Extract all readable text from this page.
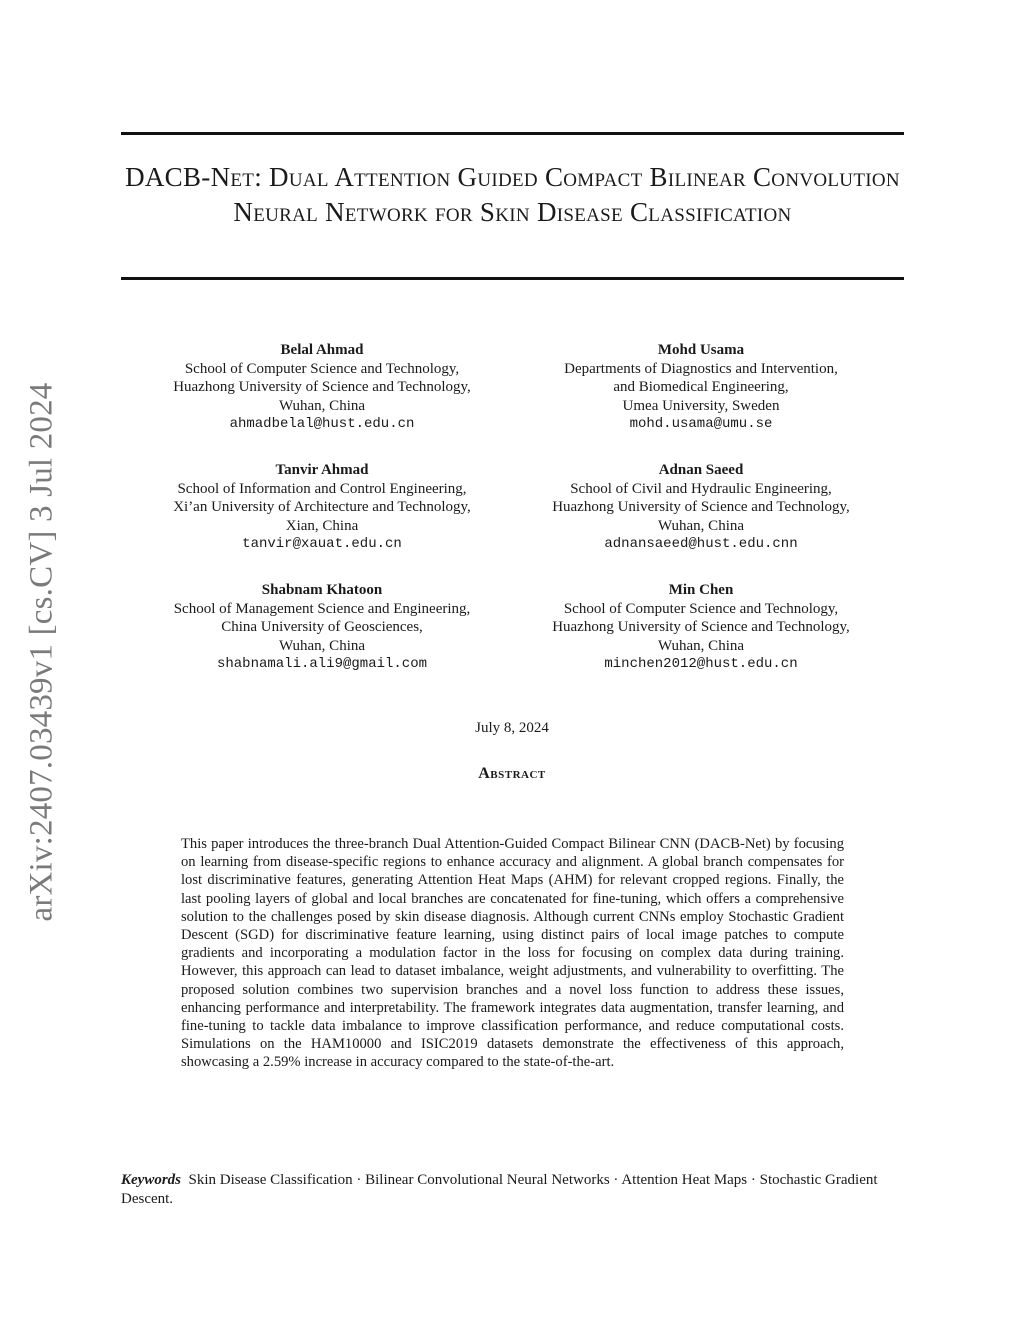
DACB-Net: Dual Attention Guided Compact Bilinear Convolution Neural Network for Skin Disease Classification
arXiv:2407.03439v1 [cs.CV] 3 Jul 2024
Belal Ahmad
School of Computer Science and Technology,
Huazhong University of Science and Technology,
Wuhan, China
ahmadbelal@hust.edu.cn
Mohd Usama
Departments of Diagnostics and Intervention,
and Biomedical Engineering,
Umea University, Sweden
mohd.usama@umu.se
Tanvir Ahmad
School of Information and Control Engineering,
Xi’an University of Architecture and Technology,
Xian, China
tanvir@xauat.edu.cn
Adnan Saeed
School of Civil and Hydraulic Engineering,
Huazhong University of Science and Technology,
Wuhan, China
adnansaeed@hust.edu.cnn
Shabnam Khatoon
School of Management Science and Engineering,
China University of Geosciences,
Wuhan, China
shabnamali.ali9@gmail.com
Min Chen
School of Computer Science and Technology,
Huazhong University of Science and Technology,
Wuhan, China
minchen2012@hust.edu.cn
July 8, 2024
Abstract

This paper introduces the three-branch Dual Attention-Guided Compact Bilinear CNN (DACB-Net) by focusing on learning from disease-specific regions to enhance accuracy and alignment. A global branch compensates for lost discriminative features, generating Attention Heat Maps (AHM) for relevant cropped regions. Finally, the last pooling layers of global and local branches are concatenated for fine-tuning, which offers a comprehensive solution to the challenges posed by skin disease diagnosis. Although current CNNs employ Stochastic Gradient Descent (SGD) for discriminative feature learning, using distinct pairs of local image patches to compute gradients and incorporating a modulation factor in the loss for focusing on complex data during training. However, this approach can lead to dataset imbalance, weight adjustments, and vulnerability to overfitting. The proposed solution combines two supervision branches and a novel loss function to address these issues, enhancing performance and interpretability. The framework integrates data augmentation, transfer learning, and fine-tuning to tackle data imbalance to improve classification performance, and reduce computational costs. Simulations on the HAM10000 and ISIC2019 datasets demonstrate the effectiveness of this approach, showcasing a 2.59% increase in accuracy compared to the state-of-the-art.

Keywords Skin Disease Classification · Bilinear Convolutional Neural Networks · Attention Heat Maps · Stochastic Gradient Descent.
